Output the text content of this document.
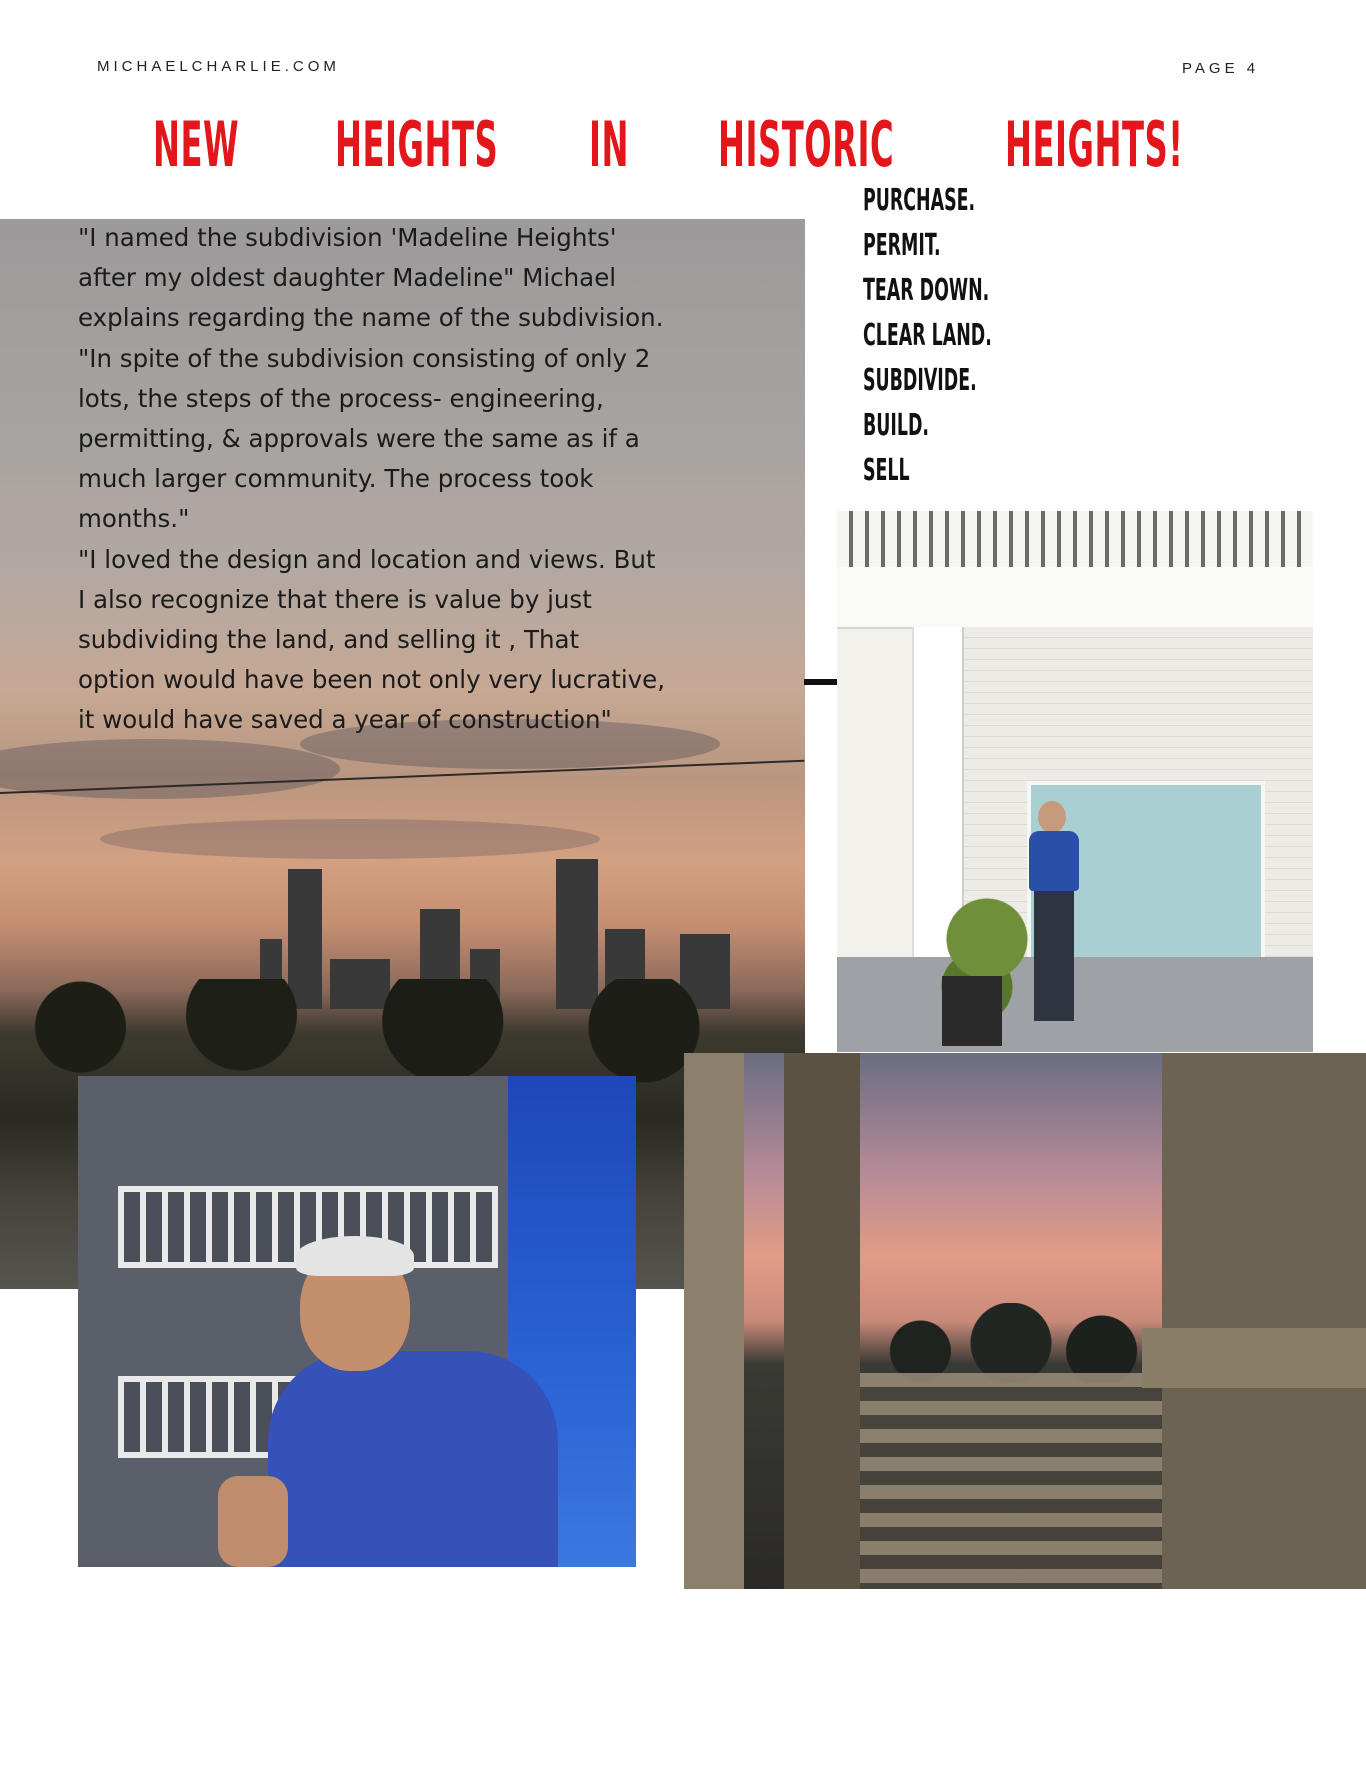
MICHAELCHARLIE.COM	PAGE 4
NEW HEIGHTS IN HISTORIC HEIGHTS!
"I named the subdivision 'Madeline Heights'
after my oldest daughter Madeline" Michael
explains regarding the name of the subdivision.
"In spite of the subdivision consisting of only 2
lots, the steps of the process- engineering,
permitting, & approvals were the same as if a
much larger community. The process took
months."
"I loved the design and location and views. But
I also recognize that there is value by just
subdividing the land, and selling it , That
option would have been not only very lucrative,
it would have saved a year of construction"
PURCHASE.
PERMIT.
TEAR DOWN.
CLEAR LAND.
SUBDIVIDE.
BUILD.
SELL
